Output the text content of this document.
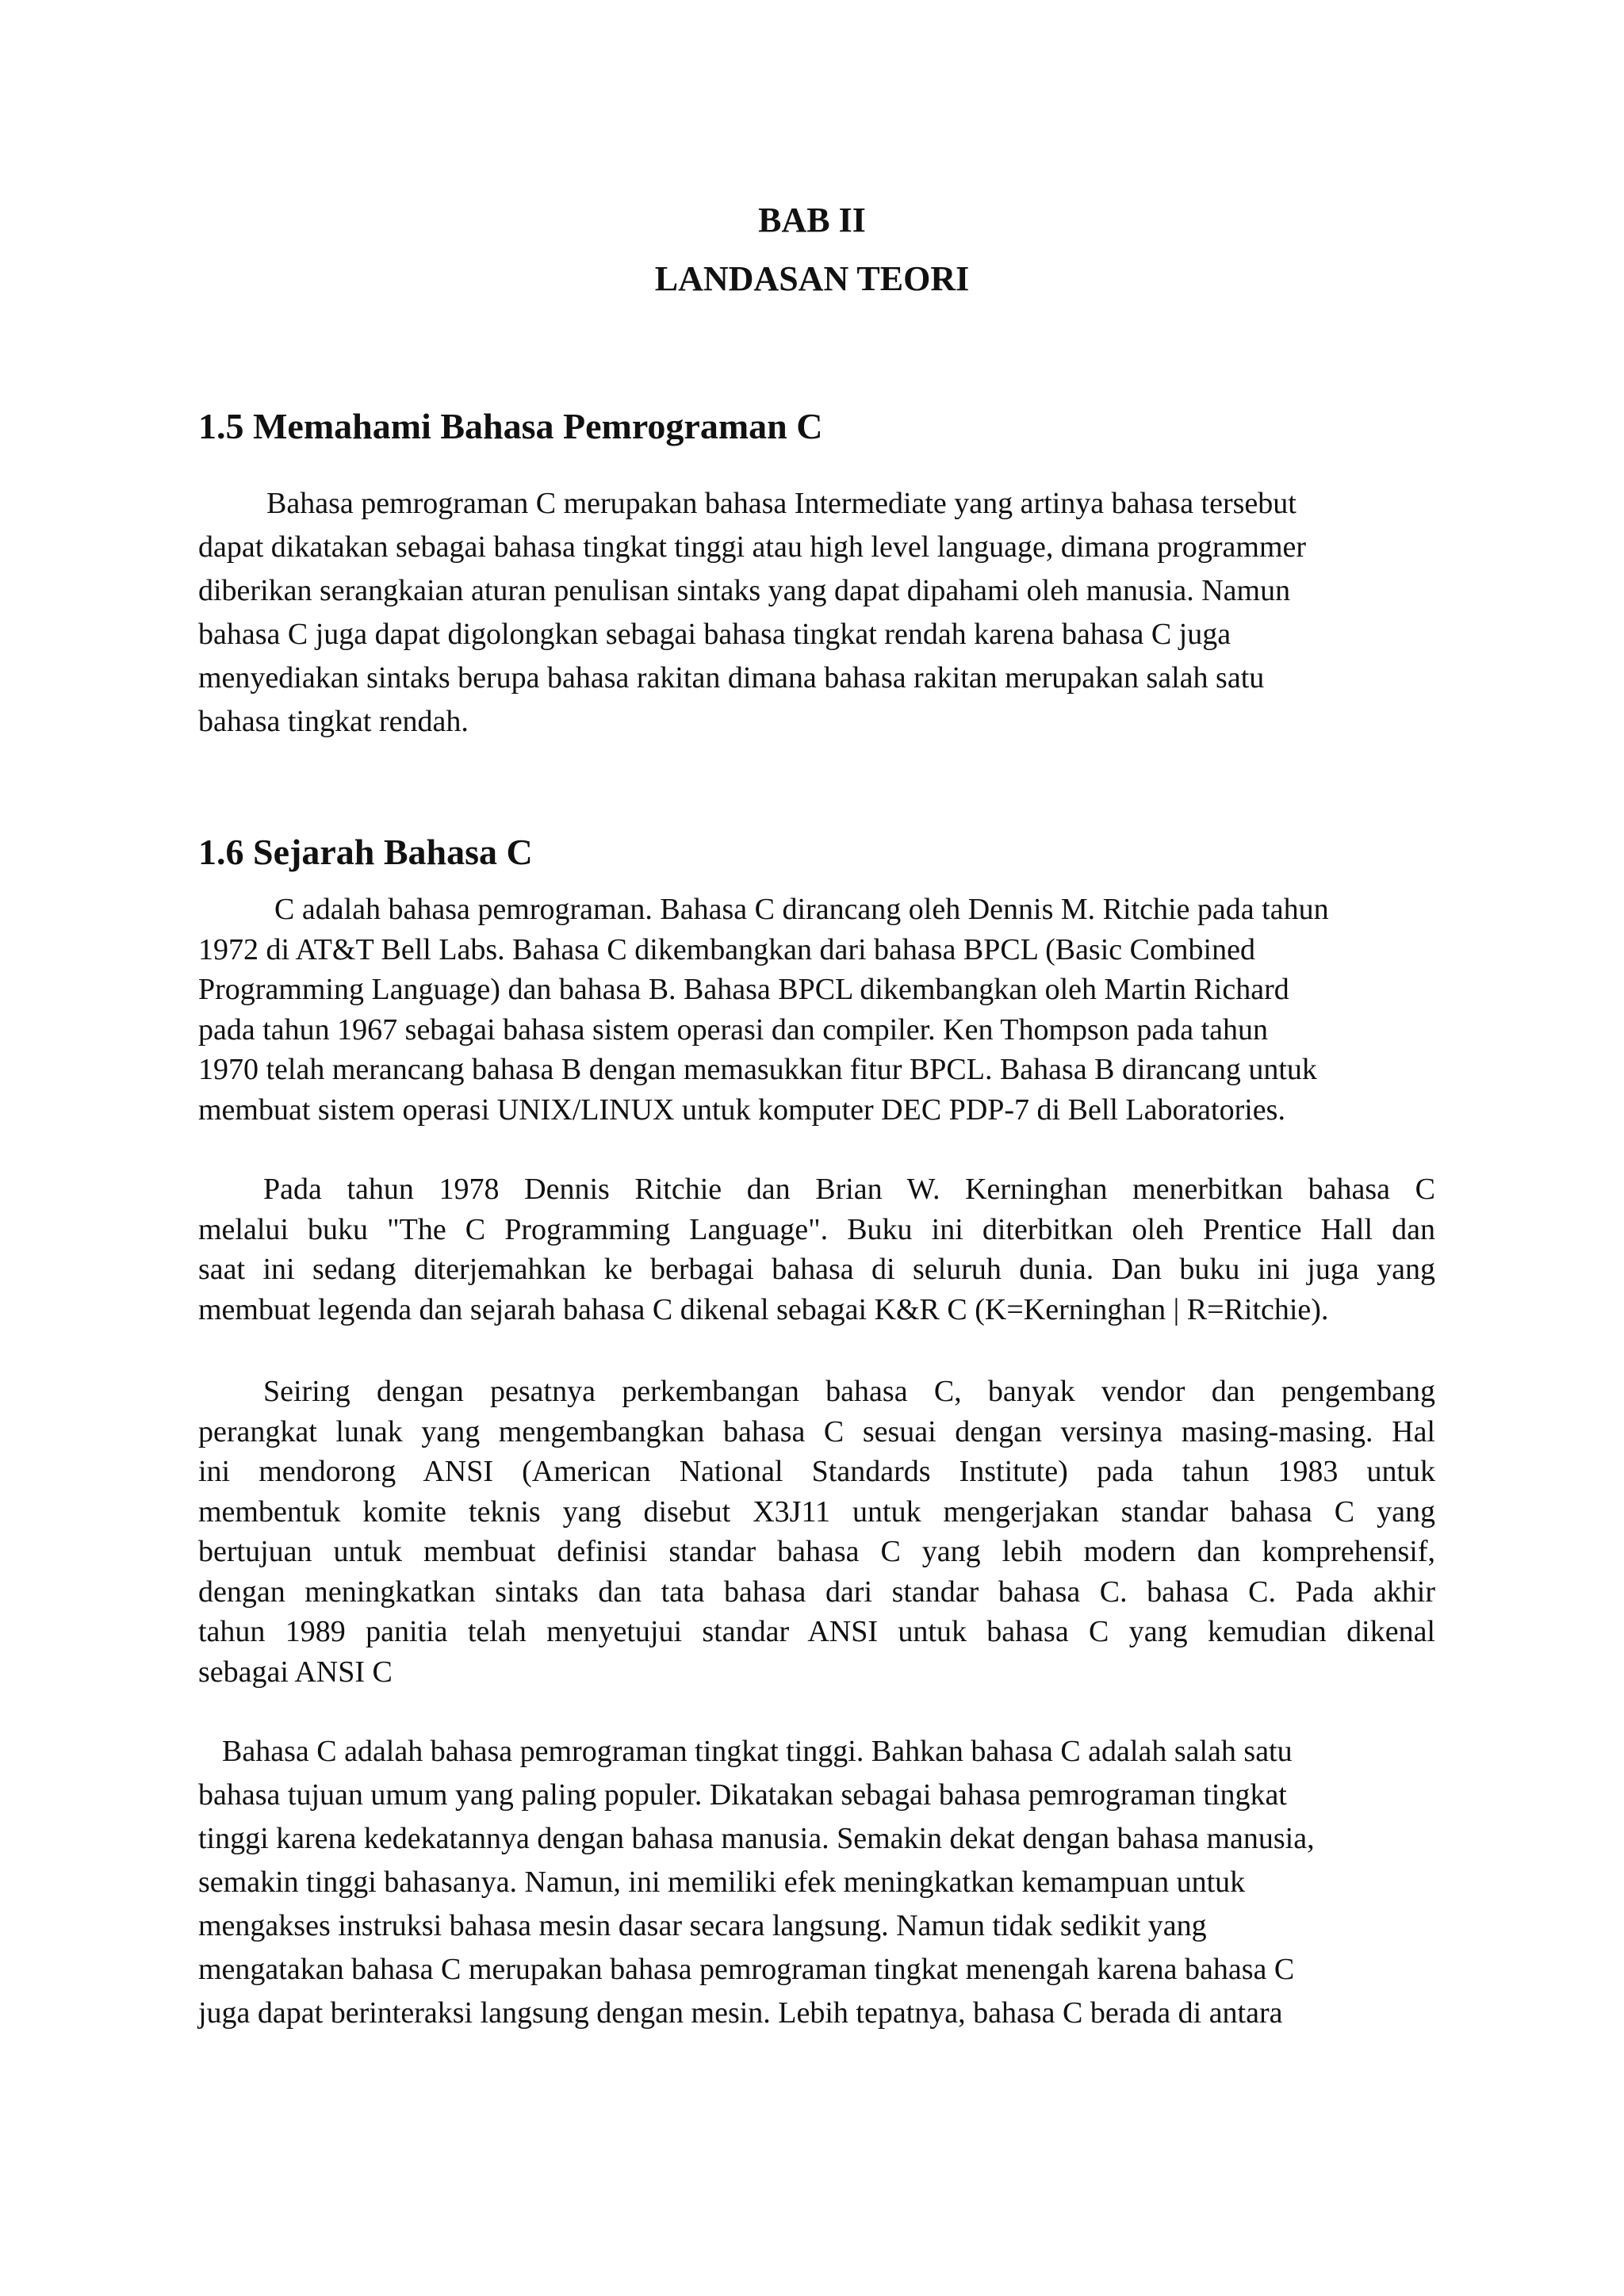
BAB II
LANDASAN TEORI
1.5 Memahami Bahasa Pemrograman C

Bahasa pemrograman C merupakan bahasa Intermediate yang artinya bahasa tersebut
dapat dikatakan sebagai bahasa tingkat tinggi atau high level language, dimana programmer
diberikan serangkaian aturan penulisan sintaks yang dapat dipahami oleh manusia. Namun
bahasa C juga dapat digolongkan sebagai bahasa tingkat rendah karena bahasa C juga
menyediakan sintaks berupa bahasa rakitan dimana bahasa rakitan merupakan salah satu
bahasa tingkat rendah.

1.6 Sejarah Bahasa C

C adalah bahasa pemrograman. Bahasa C dirancang oleh Dennis M. Ritchie pada tahun
1972 di AT&T Bell Labs. Bahasa C dikembangkan dari bahasa BPCL (Basic Combined
Programming Language) dan bahasa B. Bahasa BPCL dikembangkan oleh Martin Richard
pada tahun 1967 sebagai bahasa sistem operasi dan compiler. Ken Thompson pada tahun
1970 telah merancang bahasa B dengan memasukkan fitur BPCL. Bahasa B dirancang untuk
membuat sistem operasi UNIX/LINUX untuk komputer DEC PDP-7 di Bell Laboratories.

Pada tahun 1978 Dennis Ritchie dan Brian W. Kerninghan menerbitkan bahasa C
melalui buku "The C Programming Language". Buku ini diterbitkan oleh Prentice Hall dan
saat ini sedang diterjemahkan ke berbagai bahasa di seluruh dunia. Dan buku ini juga yang
membuat legenda dan sejarah bahasa C dikenal sebagai K&R C (K=Kerninghan | R=Ritchie).

Seiring dengan pesatnya perkembangan bahasa C, banyak vendor dan pengembang
perangkat lunak yang mengembangkan bahasa C sesuai dengan versinya masing-masing. Hal
ini mendorong ANSI (American National Standards Institute) pada tahun 1983 untuk
membentuk komite teknis yang disebut X3J11 untuk mengerjakan standar bahasa C yang
bertujuan untuk membuat definisi standar bahasa C yang lebih modern dan komprehensif,
dengan meningkatkan sintaks dan tata bahasa dari standar bahasa C. bahasa C. Pada akhir
tahun 1989 panitia telah menyetujui standar ANSI untuk bahasa C yang kemudian dikenal
sebagai ANSI C

Bahasa C adalah bahasa pemrograman tingkat tinggi. Bahkan bahasa C adalah salah satu
bahasa tujuan umum yang paling populer. Dikatakan sebagai bahasa pemrograman tingkat
tinggi karena kedekatannya dengan bahasa manusia. Semakin dekat dengan bahasa manusia,
semakin tinggi bahasanya. Namun, ini memiliki efek meningkatkan kemampuan untuk
mengakses instruksi bahasa mesin dasar secara langsung. Namun tidak sedikit yang
mengatakan bahasa C merupakan bahasa pemrograman tingkat menengah karena bahasa C
juga dapat berinteraksi langsung dengan mesin. Lebih tepatnya, bahasa C berada di antara
